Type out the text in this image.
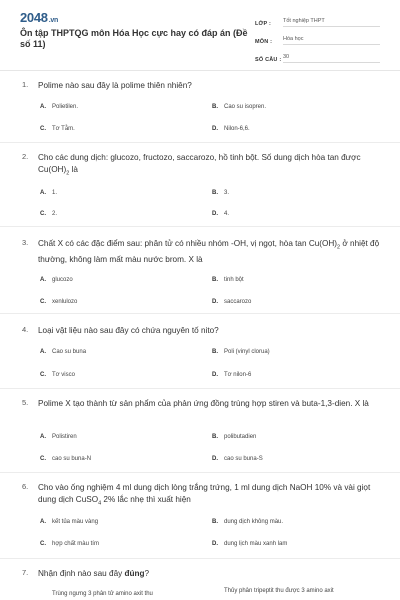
2048.vn
Ôn tập THPTQG môn Hóa Học cực hay có đáp án (Đề số 11)
LỚP :	Tốt nghiệp THPT
MÔN :	Hóa học
SỐ CÂU : 30
1.	Polime nào sau đây là polime thiên nhiên?
A.	Polietilen.	B.	Cao su isopren.
C.	Tơ Tằm.	D.	Nilon-6,6.
2.	Cho các dung dịch: glucozo, fructozo, saccarozo, hồ tinh bột. Số dung dịch hòa tan được $Cu(OH)_2$ là
A.	1.	B.	3.
C.	2.	D.	4.
3.	Chất X có các đặc điểm sau: phân tử có nhiều nhóm -OH, vị ngọt, hòa $\tan Cu(OH)_2$ ở nhiệt độ thường, không làm mất màu nước brom. X là
A.	glucozo	B.	tinh bột
C.	xenlulozo	D.	saccarozo
4.	Loại vật liệu nào sau đây có chứa nguyên tố nito?
A.	Cao su buna	B.	Poli (vinyl clorua)
C.	Tơ visco	D.	Tơ nilon-6
5.	Polime X tạo thành từ sản phẩm của phản ứng đồng trùng hợp stiren và buta-1,3-dien. X là
A.	Polistiren	B.	polibutadien
C.	cao su buna-N	D.	cao su buna-S
6.	Cho vào ống nghiệm 4 ml dung dịch lòng trắng trứng, 1 ml dung dịch NaOH 10% và vài giọt dung dịch CuSO$_4$ 2% lắc nhẹ thì xuất hiện
A.	kết tủa màu vàng	B.	dung dịch không màu.
C.	hợp chất màu tím	D.	dung lịch màu xanh lam
7.	Nhận định nào sau đây đúng?
Trùng ngưng 3 phân tử amino axit thu	Thủy phân tripeptit thu được 3 amino axit
